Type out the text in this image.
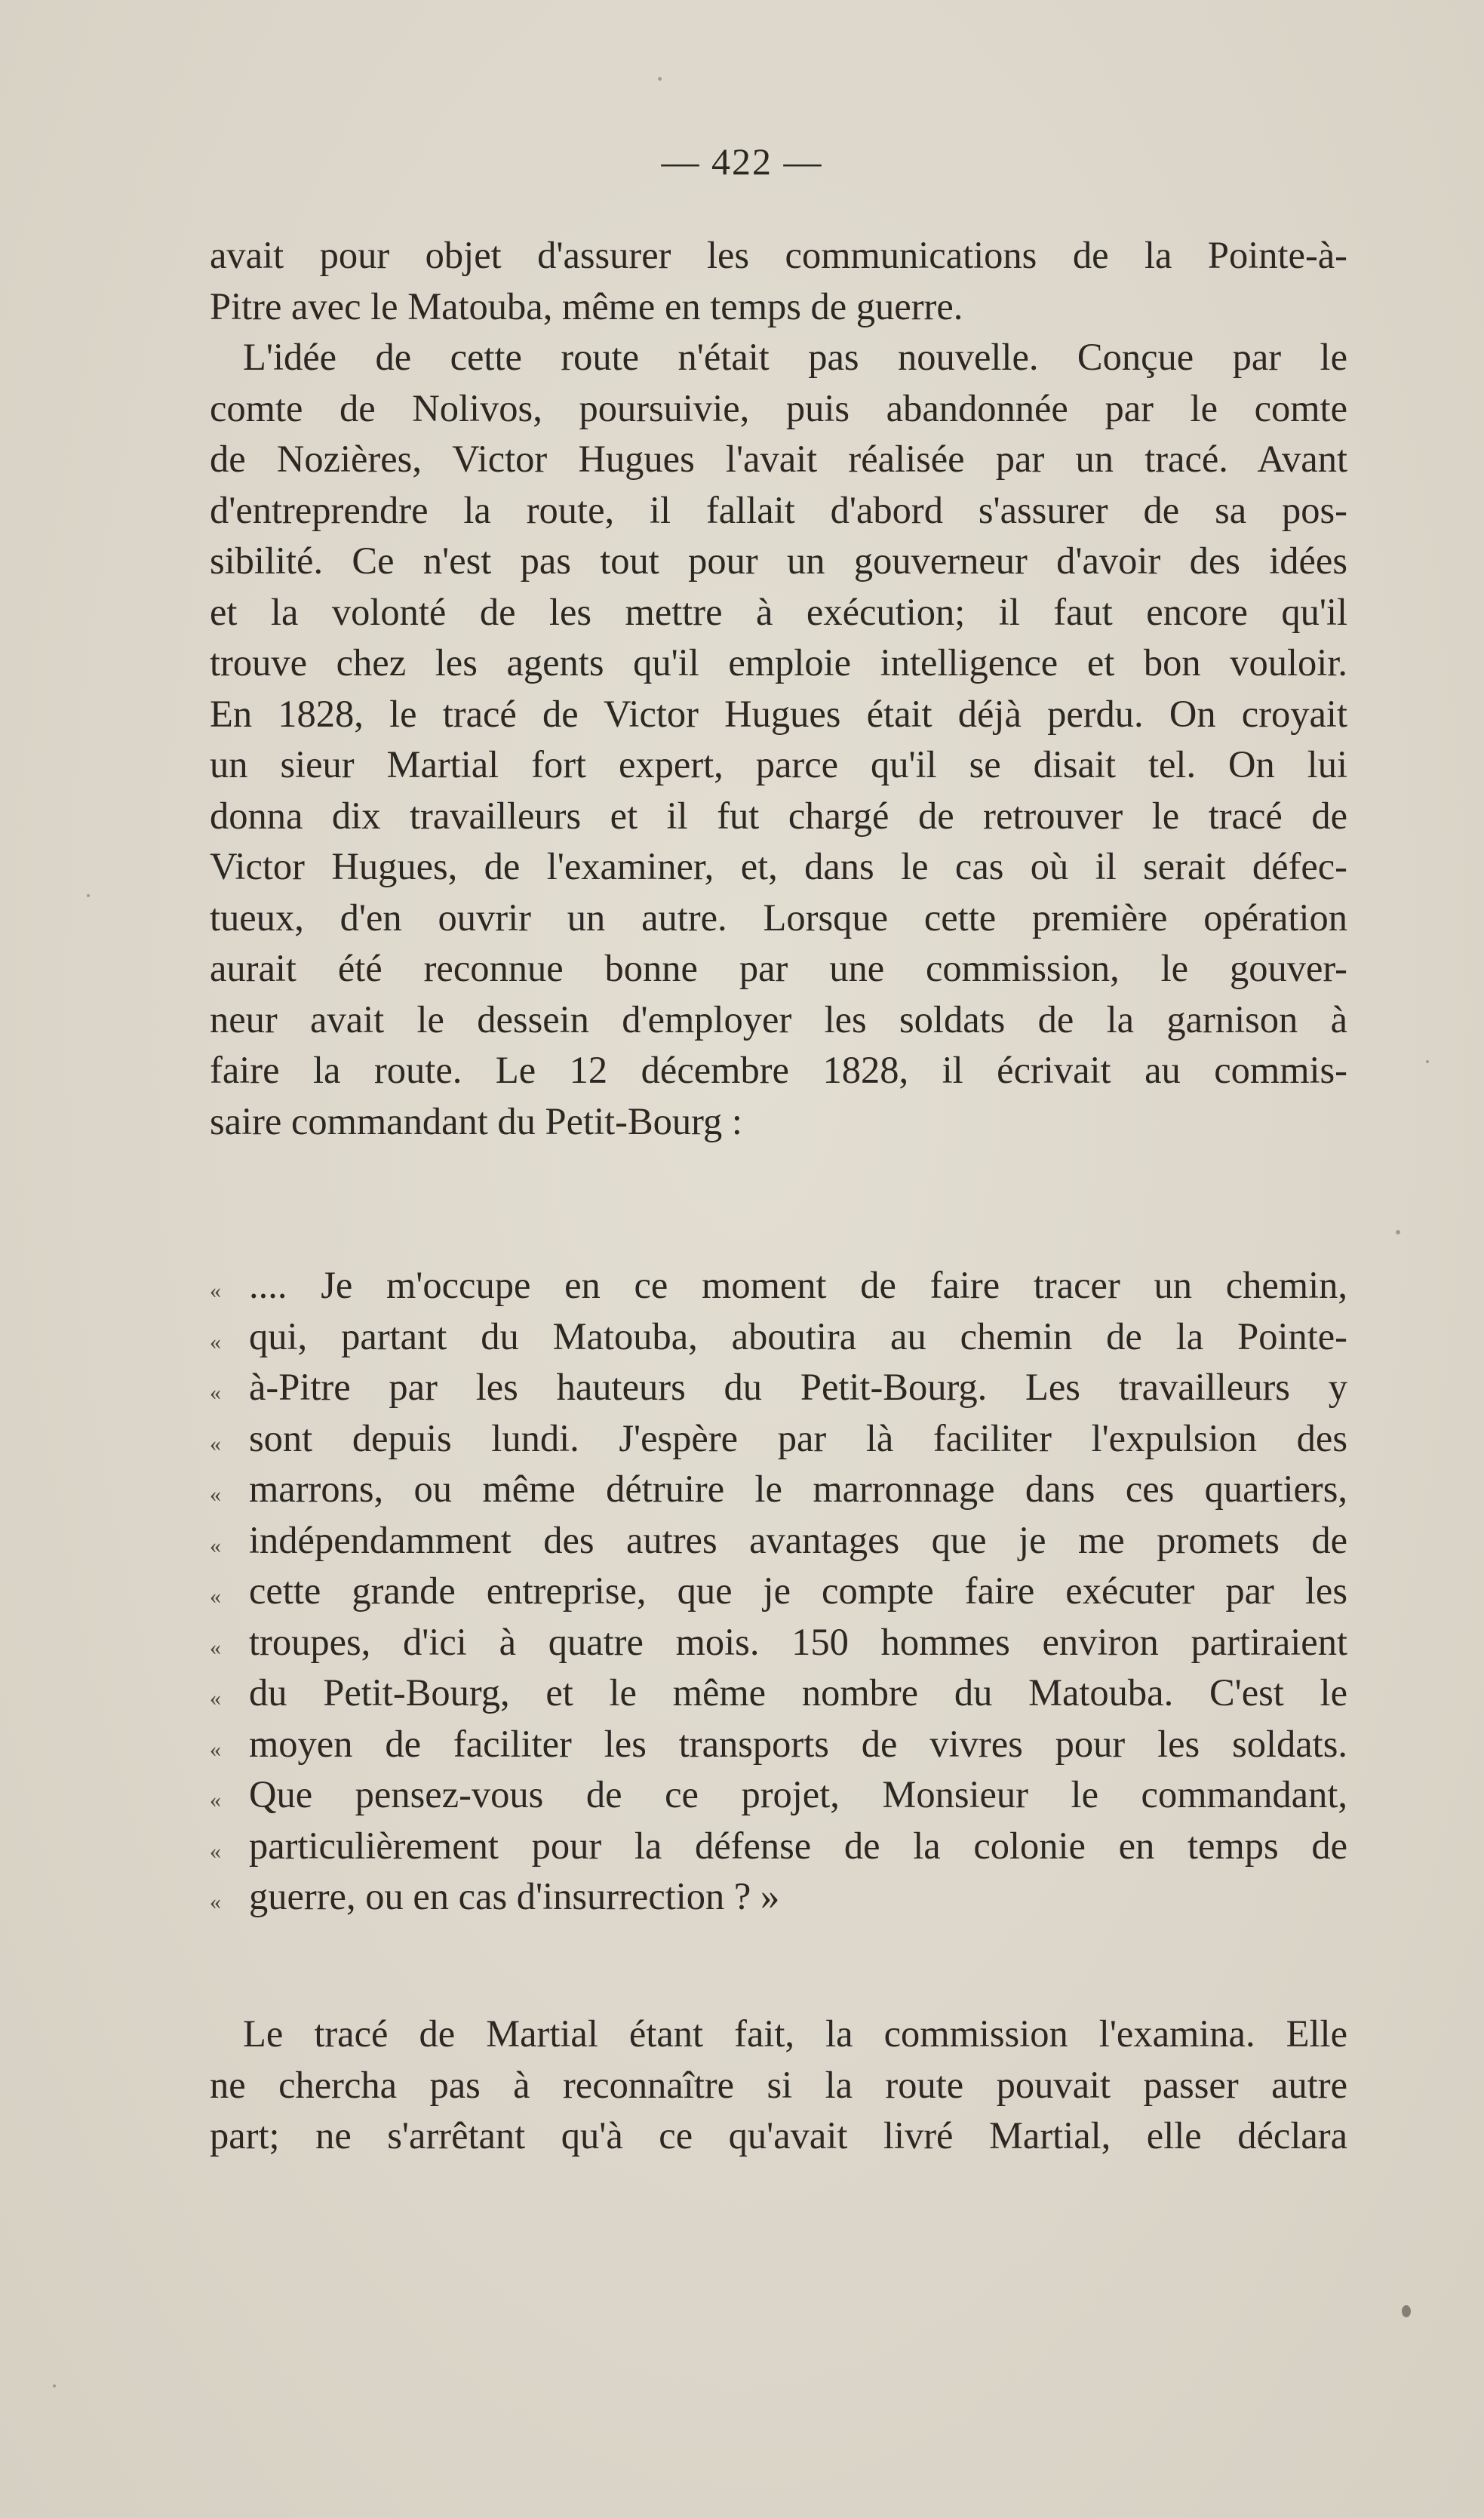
— 422 —
avait pour objet d'assurer les communications de la Pointe-à-
Pitre avec le Matouba, même en temps de guerre.
L'idée de cette route n'était pas nouvelle. Conçue par le
comte de Nolivos, poursuivie, puis abandonnée par le comte
de Nozières, Victor Hugues l'avait réalisée par un tracé. Avant
d'entreprendre la route, il fallait d'abord s'assurer de sa pos-
sibilité. Ce n'est pas tout pour un gouverneur d'avoir des idées
et la volonté de les mettre à exécution; il faut encore qu'il
trouve chez les agents qu'il emploie intelligence et bon vouloir.
En 1828, le tracé de Victor Hugues était déjà perdu. On croyait
un sieur Martial fort expert, parce qu'il se disait tel. On lui
donna dix travailleurs et il fut chargé de retrouver le tracé de
Victor Hugues, de l'examiner, et, dans le cas où il serait défec-
tueux, d'en ouvrir un autre. Lorsque cette première opération
aurait été reconnue bonne par une commission, le gouver-
neur avait le dessein d'employer les soldats de la garnison à
faire la route. Le 12 décembre 1828, il écrivait au commis-
saire commandant du Petit-Bourg :
« .... Je m'occupe en ce moment de faire tracer un chemin,
« qui, partant du Matouba, aboutira au chemin de la Pointe-
« à-Pitre par les hauteurs du Petit-Bourg. Les travailleurs y
« sont depuis lundi. J'espère par là faciliter l'expulsion des
« marrons, ou même détruire le marronnage dans ces quartiers,
« indépendamment des autres avantages que je me promets de
« cette grande entreprise, que je compte faire exécuter par les
« troupes, d'ici à quatre mois. 150 hommes environ partiraient
« du Petit-Bourg, et le même nombre du Matouba. C'est le
« moyen de faciliter les transports de vivres pour les soldats.
« Que pensez-vous de ce projet, Monsieur le commandant,
« particulièrement pour la défense de la colonie en temps de
« guerre, ou en cas d'insurrection ? »
Le tracé de Martial étant fait, la commission l'examina. Elle
ne chercha pas à reconnaître si la route pouvait passer autre
part; ne s'arrêtant qu'à ce qu'avait livré Martial, elle déclara
